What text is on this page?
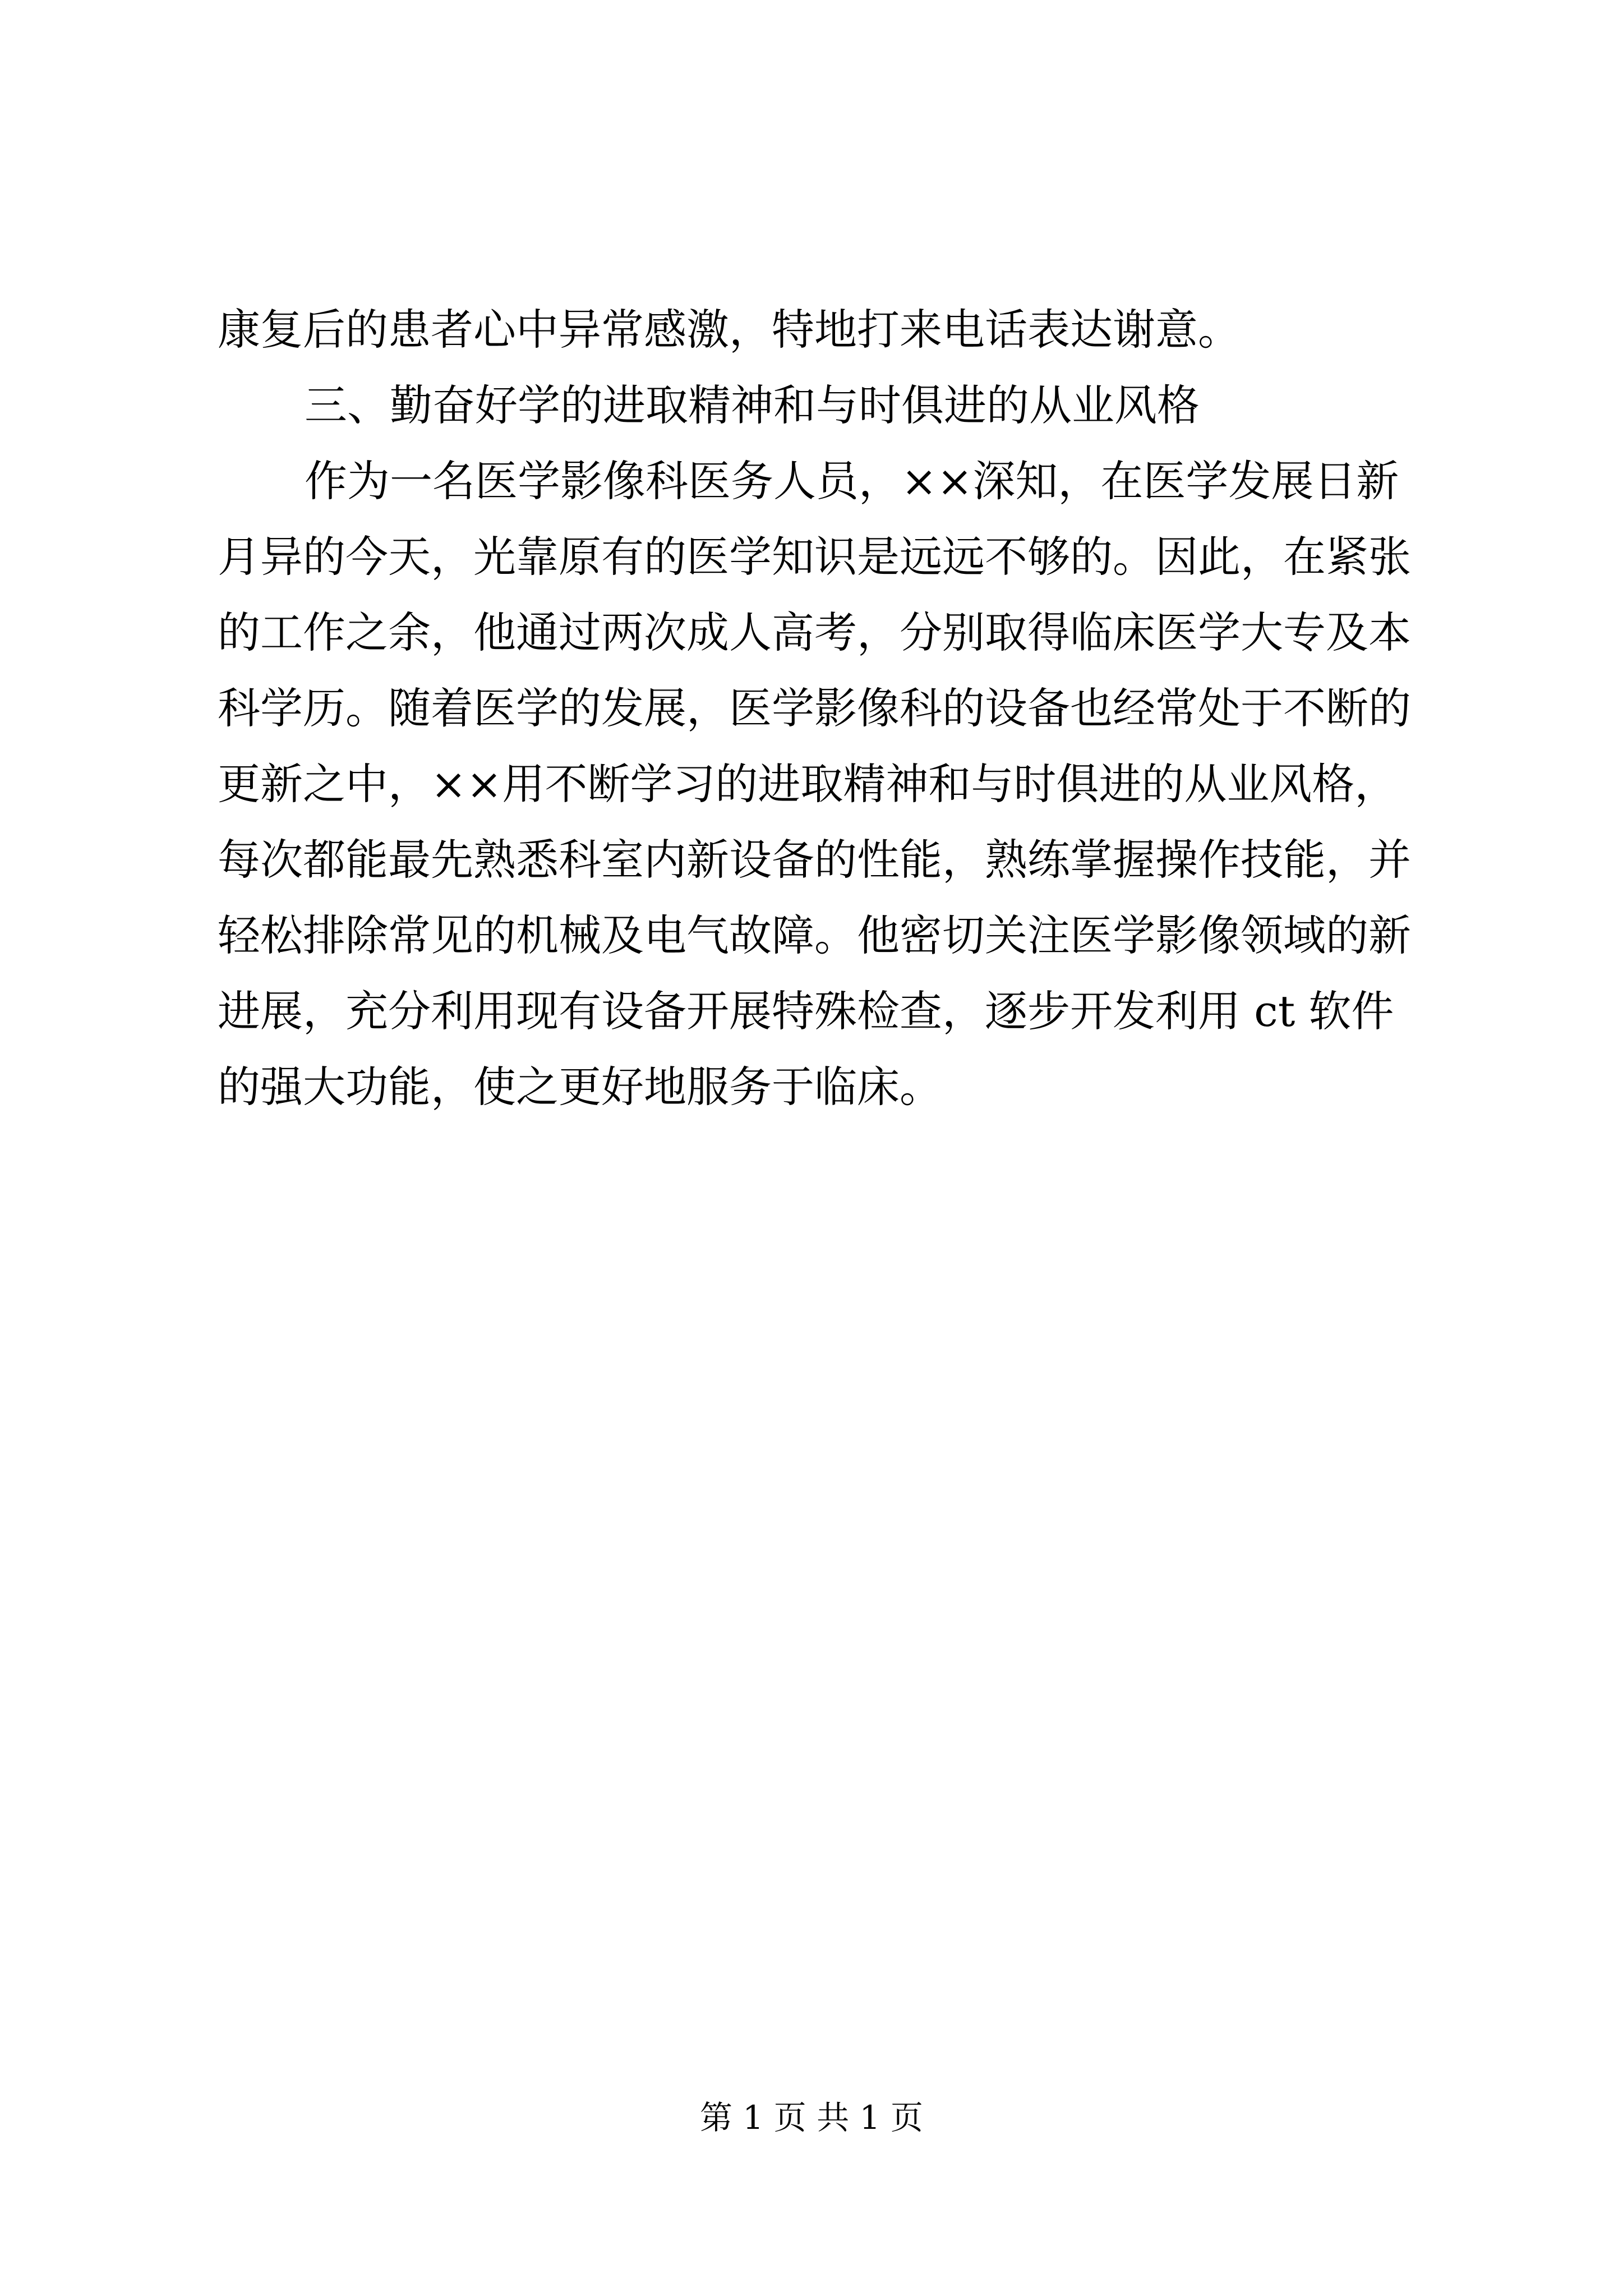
康复后的患者心中异常感激，特地打来电话表达谢意。
三、勤奋好学的进取精神和与时俱进的从业风格
作为一名医学影像科医务人员，××深知，在医学发展日新
月异的今天，光靠原有的医学知识是远远不够的。因此，在紧张
的工作之余，他通过两次成人高考，分别取得临床医学大专及本
科学历。随着医学的发展，医学影像科的设备也经常处于不断的
更新之中，××用不断学习的进取精神和与时俱进的从业风格，
每次都能最先熟悉科室内新设备的性能，熟练掌握操作技能，并
轻松排除常见的机械及电气故障。他密切关注医学影像领域的新
进展，充分利用现有设备开展特殊检查，逐步开发利用 ct 软件
的强大功能，使之更好地服务于临床。
第 1 页 共 1 页
